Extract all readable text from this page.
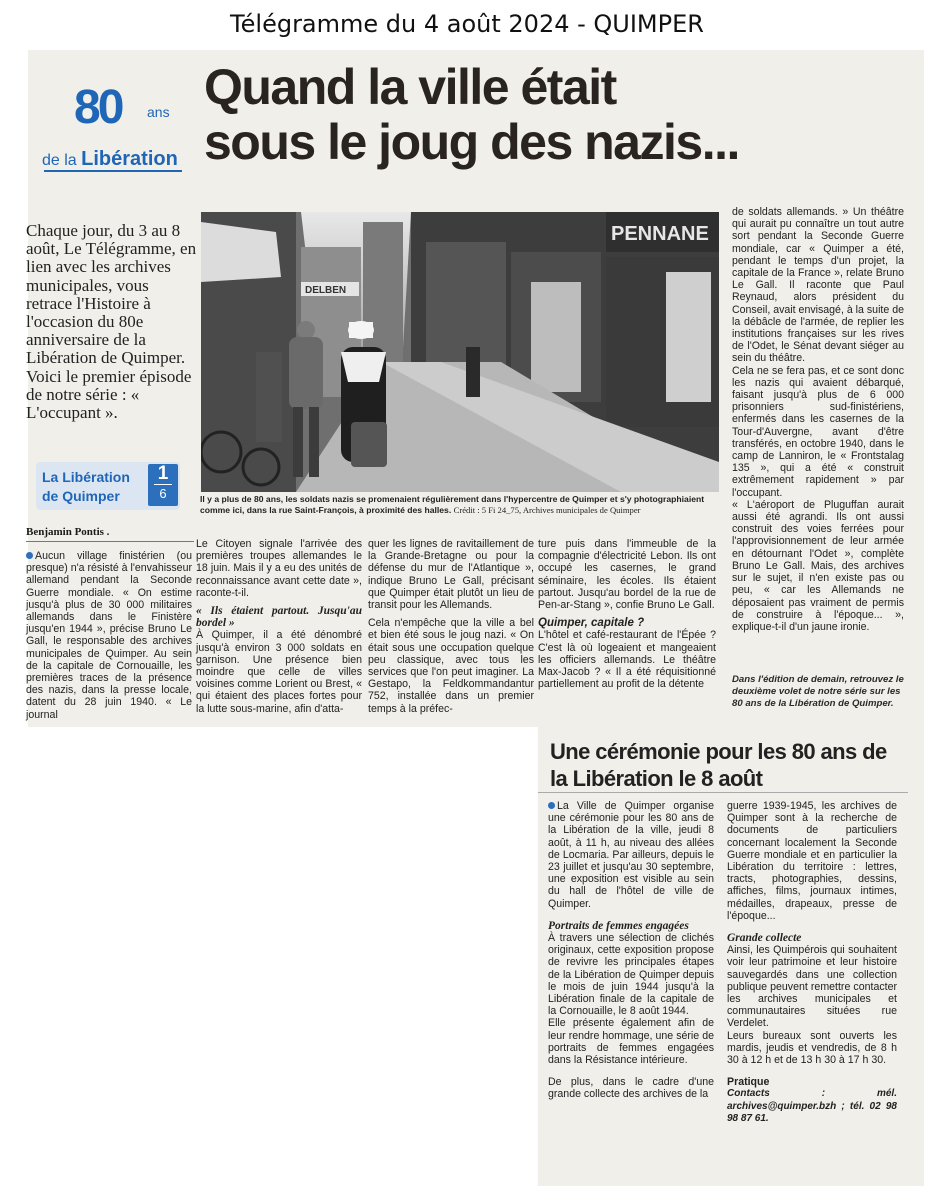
Télégramme du 4 août 2024 - QUIMPER
80 ans
de la Libération
Quand la ville était
sous le joug des nazis...
Chaque jour, du 3 au 8 août, Le Télégramme, en lien avec les archives municipales, vous retrace l'Histoire à l'occasion du 80e anniversaire de la Libération de Quimper. Voici le premier épisode de notre série : « L'occupant ».
La Libération de Quimper
1
6
DELBEN
PENNANE
Il y a plus de 80 ans, les soldats nazis se promenaient régulièrement dans l'hypercentre de Quimper et s'y photographiaient comme ici, dans la rue Saint-François, à proximité des halles. Crédit : 5 Fi 24_75, Archives municipales de Quimper
Benjamin Pontis .

Aucun village finistérien (ou presque) n'a résisté à l'envahisseur allemand pendant la Seconde Guerre mondiale. « On estime jusqu'à plus de 30 000 militaires allemands dans le Finistère jusqu'en 1944 », précise Bruno Le Gall, le responsable des archives municipales de Quimper. Au sein de la capitale de Cornouaille, les premières traces de la présence des nazis, dans la presse locale, datent du 28 juin 1940. « Le journal

Le Citoyen signale l'arrivée des premières troupes allemandes le 18 juin. Mais il y a eu des unités de reconnaissance avant cette date », raconte-t-il.

« Ils étaient partout. Jusqu'au bordel »

À Quimper, il a été dénombré jusqu'à environ 3 000 soldats en garnison. Une présence bien moindre que celle de villes voisines comme Lorient ou Brest, « qui étaient des places fortes pour la lutte sous-marine, afin d'atta-

quer les lignes de ravitaillement de la Grande-Bretagne ou pour la défense du mur de l'Atlantique », indique Bruno Le Gall, précisant que Quimper était plutôt un lieu de transit pour les Allemands.

Cela n'empêche que la ville a bel et bien été sous le joug nazi. « On était sous une occupation quelque peu classique, avec tous les services que l'on peut imaginer. La Gestapo, la Feldkommandantur 752, installée dans un premier temps à la préfec-

ture puis dans l'immeuble de la compagnie d'électricité Lebon. Ils ont occupé les casernes, le grand séminaire, les écoles. Ils étaient partout. Jusqu'au bordel de la rue de Pen-ar-Stang », confie Bruno Le Gall.

Quimper, capitale ?

L'hôtel et café-restaurant de l'Épée ? C'est là où logeaient et mangeaient les officiers allemands. Le théâtre Max-Jacob ? « Il a été réquisitionné partiellement au profit de la détente

de soldats allemands. » Un théâtre qui aurait pu connaître un tout autre sort pendant la Seconde Guerre mondiale, car « Quimper a été, pendant le temps d'un projet, la capitale de la France », relate Bruno Le Gall. Il raconte que Paul Reynaud, alors président du Conseil, avait envisagé, à la suite de la débâcle de l'armée, de replier les institutions françaises sur les rives de l'Odet, le Sénat devant siéger au sein du théâtre.

Cela ne se fera pas, et ce sont donc les nazis qui avaient débarqué, faisant jusqu'à plus de 6 000 prisonniers sud-finistériens, enfermés dans les casernes de la Tour-d'Auvergne, avant d'être transférés, en octobre 1940, dans le camp de Lanniron, le « Frontstalag 135 », qui a été « construit extrêmement rapidement » par l'occupant.

« L'aéroport de Pluguffan aurait aussi été agrandi. Ils ont aussi construit des voies ferrées pour l'approvisionnement de leur armée en détournant l'Odet », complète Bruno Le Gall. Mais, des archives sur le sujet, il n'en existe pas ou peu, « car les Allemands ne déposaient pas vraiment de permis de construire à l'époque... », explique-t-il d'un jaune ironie.

Dans l'édition de demain, retrouvez le deuxième volet de notre série sur les 80 ans de la Libération de Quimper.
Une cérémonie pour les 80 ans de la Libération le 8 août

La Ville de Quimper organise une cérémonie pour les 80 ans de la Libération de la ville, jeudi 8 août, à 11 h, au niveau des allées de Locmaria. Par ailleurs, depuis le 23 juillet et jusqu'au 30 septembre, une exposition est visible au sein du hall de l'hôtel de ville de Quimper.

Portraits de femmes engagées

À travers une sélection de clichés originaux, cette exposition propose de revivre les principales étapes de la Libération de Quimper depuis le mois de juin 1944 jusqu'à la Libération finale de la capitale de la Cornouaille, le 8 août 1944.

Elle présente également afin de leur rendre hommage, une série de portraits de femmes engagées dans la Résistance intérieure.

De plus, dans le cadre d'une grande collecte des archives de la

guerre 1939-1945, les archives de Quimper sont à la recherche de documents de particuliers concernant localement la Seconde Guerre mondiale et en particulier la Libération du territoire : lettres, tracts, photographies, dessins, affiches, films, journaux intimes, médailles, drapeaux, presse de l'époque...

Grande collecte

Ainsi, les Quimpérois qui souhaitent voir leur patrimoine et leur histoire sauvegardés dans une collection publique peuvent remettre contacter les archives municipales et communautaires situées rue Verdelet.

Leurs bureaux sont ouverts les mardis, jeudis et vendredis, de 8 h 30 à 12 h et de 13 h 30 à 17 h 30.

Pratique

Contacts : mél. archives@quimper.bzh ; tél. 02 98 98 87 61.
